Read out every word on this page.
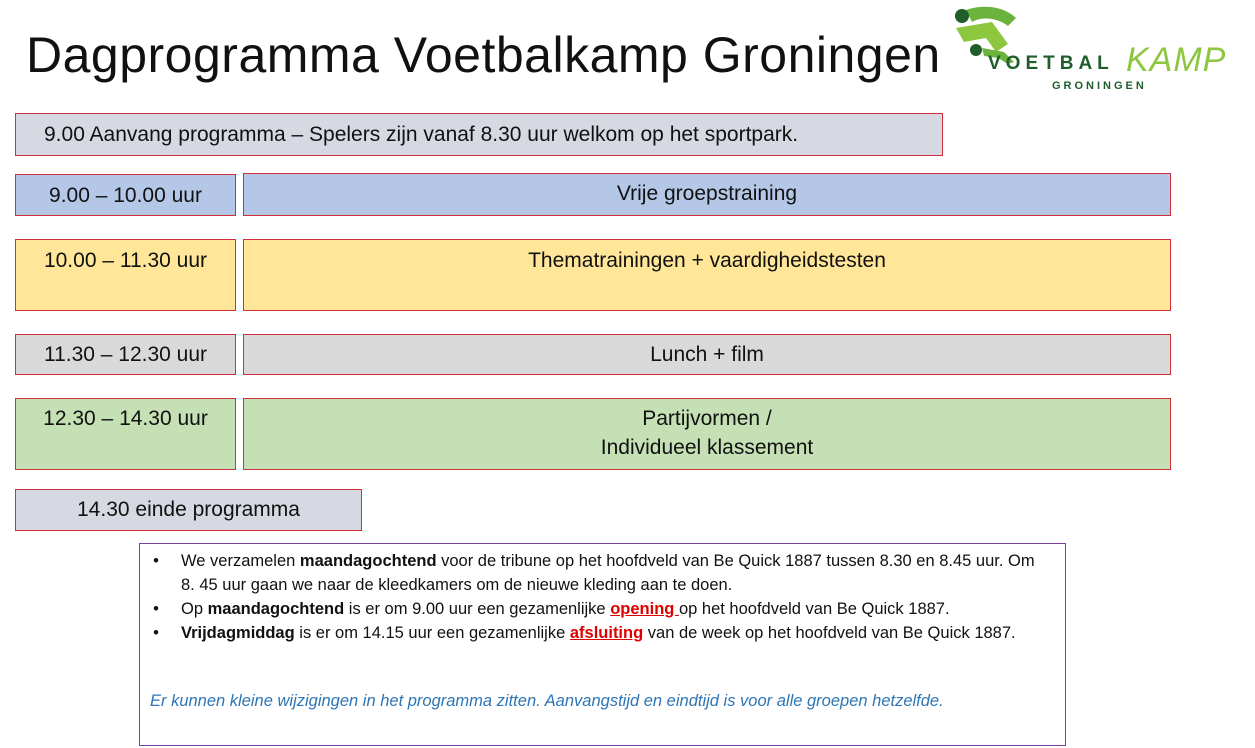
Dagprogramma Voetbalkamp Groningen VOETBAL KAMP
GRONINGEN
9.00 Aanvang programma – Spelers zijn vanaf 8.30 uur welkom op het sportpark.
9.00 – 10.00 uur	Vrije groepstraining
10.00 – 11.30 uur	Thematrainingen + vaardigheidstesten
11.30 – 12.30 uur	Lunch + film
12.30 – 14.30 uur	Partijvormen /
Individueel klassement
14.30 einde programma
• We verzamelen maandagochtend voor de tribune op het hoofdveld van Be Quick 1887 tussen 8.30 en 8.45 uur. Om 8. 45 uur gaan we naar de kleedkamers om de nieuwe kleding aan te doen.
• Op maandagochtend is er om 9.00 uur een gezamenlijke opening op het hoofdveld van Be Quick 1887.
• Vrijdagmiddag is er om 14.15 uur een gezamenlijke afsluiting van de week op het hoofdveld van Be Quick 1887.
Er kunnen kleine wijzigingen in het programma zitten. Aanvangstijd en eindtijd is voor alle groepen hetzelfde.
